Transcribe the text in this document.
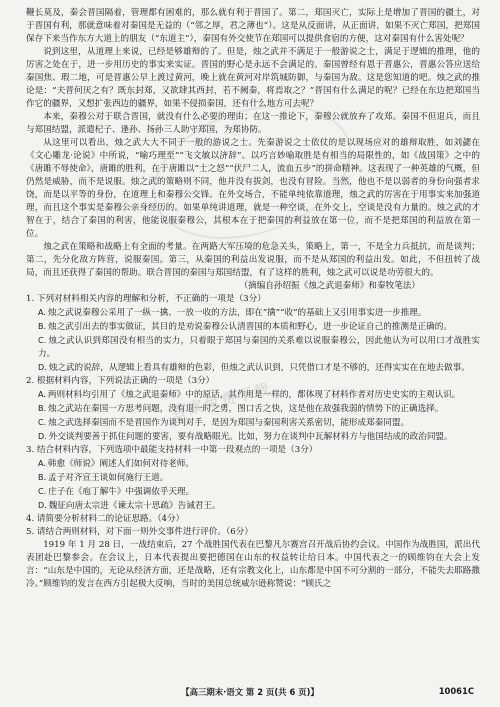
答案免费下载

鞭长莫及，秦会晋国隔着，管理都有困难的，那么就有利于晋国了。第二，郑国灭亡，实际上是增加了晋国的疆土，对于晋国有利，那就意味着对秦国是无益的（“邻之厚，君之薄也”）。这是从反面讲，从正面讲，如果不灭亡郑国，把郑国保存下来当作东方大道上的朋友（“东道主”），秦国有外交使节在郑国可以提供食宿的方便，这对秦国有什么害处呢？

说到这里，从道理上来说，已经是够雄辩的了。但是，烛之武并不满足于一般游说之士，满足于逻辑的推理，他的厉害之处在于，进一步用历史的事实来实证。晋国的野心是永远不会满足的。秦国曾经有恩于晋惠公，晋惠公答应送给秦国焦、瑕二地，可是晋惠公早上渡过黄河，晚上就在黄河对岸筑城防御，与秦国为敌。这是您知道的吧。烛之武的推论是：“夫晋何厌之有？既东封郑，又欲肆其西封，若不阙秦，将焉取之？”晋国有什么满足的呢？已经在东边把郑国当作它的疆界，又想扩张西边的疆界，如果不侵损秦国，还有什么地方可去呢？

本来，秦穆公对于联合晋国，就没有什么必要的理由；在这一推论下，秦穆公就放弃了攻郑。秦国不但退兵，而且与郑国结盟，派遣杞子、逢孙、扬孙三人助守郑国，为郑协防。

从这里可以看出，烛之武大大不同于一般的游说之士。先秦游说之士依仗的是以现场应对的雄辩取胜，如刘勰在《文心雕龙·论说》中所说，“喻巧理至”“飞文敏以济辞”。以巧言妙喻取胜是有相当的局限性的，如《战国策》之中的《唐雎不辱使命》，唐雎的胜利，在于唐雎以“士之怒”“伏尸二人，流血五步”的拼命精神。这表现了一种英雄的气概，但仍然是威胁，而不是说服。烛之武的策略则不同，他并没有拔剑，也没有冒险。当然，他也不是以弱者的身份向强者求饶，而是以平等的身份，在道理上和秦穆公交锋。在外交场合，不能单纯依靠道理，烛之武的厉害在于用事实来加强道理，而且这个事实是秦穆公亲身经历的。如果单纯讲道理，就是一种空谈，在外交上，空谈是没有力量的。烛之武的才智在于，结合了秦国的利害，他能说服秦穆公，其根本在于把秦国的利益放在第一位，而不是把郑国的利益放在第一位。

烛之武在策略和战略上有全面的考量。在两路大军压境的危急关头，策略上，第一，不是全力兵抵抗，而是谈判；第二，先分化敌方阵营，说服秦国。第三，从秦国的利益出发说服，而不是从郑国的利益出发。如此，不但扭转了战局，而且还获得了秦国的帮助。联合晋国的秦国与郑国结盟，有了这样的胜利，烛之武可以说是功劳很大的。

（摘编自孙绍振《烛之武退秦师》和秦牧笔法）

1. 下列对材料相关内容的理解和分析，不正确的一项是（3分）

A. 烛之武说秦穆公采用了一纵一擒、一放一收的方法，即在“擒”“收”的基础上又引用事实进一步推理。

B. 烛之武引出去的事实做证，其目的是劝说秦穆公认清晋国的本质和野心，进一步论证自己的推测是正确的。

C. 烛之武认识到郑国没有相当的实力，只着眼于郑国与秦国的关系难以说服秦穆公，因此他认为可以用口才战胜实力。

D. 烛之武的说辞，从逻辑上看具有雄辩的色彩，但烛之武认识到，只凭借口才是不够的，还得实实在在地去做事。

2. 根据材料内容，下列说法正确的一项是（3分）

A. 两则材料均引用了《烛之武退秦师》中的原话，其作用是一样的，都体现了材料作者对历史史实的主观认识。

B. 烛之武站在秦国一方思考问题，没有退一时之勇，图口舌之快，这是他在敌强我弱的情势下的正确选择。

C. 烛之武选择秦国而不是晋国作为谈判对手，是因为郑国与秦国利害关系密切，能形成郑秦同盟。

D. 外交谈判要善于抓住问题的要害，要有战略眼光。比如，努力在谈判中瓦解材料方与他国结成的政治同盟。

3. 结合材料内容，下列选项中最能支持材料一中第一段观点的一项是（3分）

A. 韩愈《师说》阐述人们如何对待老师。

B. 孟子对齐宣王谈如何施行王道。

C. 庄子在《庖丁解牛》中强调依乎天理。

D. 魏征向唐太宗进《谏太宗十思疏》告诫君王。

4. 请简要分析材料二的论证思路。（4分）

5. 请结合两则材料，对下面一则外交事件进行评价。（6分）

1919 年 1 月 28 日，一战结束后，27 个战胜国代表在巴黎凡尔赛宫召开战后协约会议。中国作为战胜国，派出代表团赴巴黎参会。在会议上，日本代表提出要把德国在山东的权益转让给日本。中国代表之一的顾维钧在大会上发言：“山东是中国的，无论从经济方面，还是战略，还有宗教文化上，山东都是中国不可分割的一部分，不能失去耶路撒冷。”顾维钧的发言在西方引起极大反响，当时的美国总统威尔逊称赞说：“顾氏之

【高三期末·语文 第 2 页(共 6 页)】	10061C
